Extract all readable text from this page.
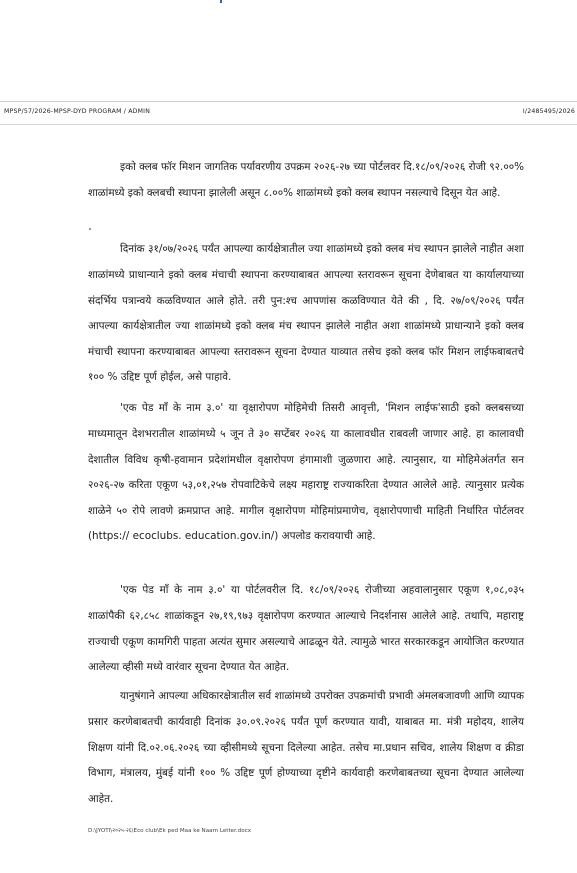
MPSP/57/2026-MPSP-DYD PROGRAM / ADMIN	I/2485495/2026

इको क्लब फॉर मिशन जागतिक पर्यावरणीय उपक्रम २०२६-२७ च्या पोर्टलवर दि.१८/०९/२०२६ रोजी ९२.००% शाळांमध्ये इको क्लबची स्थापना झालेली असून ८.००% शाळांमध्ये इको क्लब स्थापन नसल्याचे दिसून येत आहे.

दिनांक ३१/०७/२०२६ पर्यंत आपल्या कार्यक्षेत्रातील ज्या शाळांमध्ये इको क्लब मंच स्थापन झालेले नाहीत अशा शाळांमध्ये प्राधान्याने इको क्लब मंचाची स्थापना करण्याबाबत आपल्या स्तरावरून सूचना देणेबाबत या कार्यालयाच्या संदर्भिय पत्रान्वये कळविण्यात आले होते. तरी पुन:श्च आपणांस कळविण्यात येते की , दि. २७/०९/२०२६ पर्यंत आपल्या कार्यक्षेत्रातील ज्या शाळांमध्ये इको क्लब मंच स्थापन झालेले नाहीत अशा शाळांमध्ये प्राधान्याने इको क्लब मंचाची स्थापना करण्याबाबत आपल्या स्तरावरून सूचना देण्यात याव्यात तसेच इको क्लब फॉर मिशन लाईफबाबतचे १०० % उद्दिष्ट पूर्ण होईल, असे पाहावे.

'एक पेड माँ के नाम ३.०' या वृक्षारोपण मोहिमेची तिसरी आवृत्ती, 'मिशन लाईफ'साठी इको क्लबसच्या माध्यमातून देशभरातील शाळांमध्ये ५ जून ते ३० सप्टेंबर २०२६ या कालावधीत राबवली जाणार आहे. हा कालावधी देशातील विविध कृषी-हवामान प्रदेशांमधील वृक्षारोपण हंगामाशी जुळणारा आहे. त्यानुसार, या मोहिमेअंतर्गत सन २०२६-२७ करिता एकूण ५३,०१,२५७ रोपवाटिकेचे लक्ष्य महाराष्ट्र राज्याकरिता देण्यात आलेले आहे. त्यानुसार प्रत्येक शाळेने ५० रोपे लावणे क्रमप्राप्त आहे. मागील वृक्षारोपण मोहिमांप्रमाणेच, वृक्षारोपणाची माहिती निर्धारित पोर्टलवर (https:// ecoclubs. education.gov.in/) अपलोड करावयाची आहे.

'एक पेड माँ के नाम ३.०' या पोर्टलवरील दि. १८/०९/२०२६ रोजीच्या अहवालानुसार एकूण १,०८,०३५ शाळांपैकी ६२,८५८ शाळांकडून २७,१९,९७३ वृक्षारोपण करण्यात आल्याचे निदर्शनास आलेले आहे. तथापि, महाराष्ट्र राज्याची एकूण कामगिरी पाहता अत्यंत सुमार असल्याचे आढळून येते. त्यामुळे भारत सरकारकडून आयोजित करण्यात आलेल्या व्हीसी मध्ये वारंवार सूचना देण्यात येत आहेत.

यानुषंगाने आपल्या अधिकारक्षेत्रातील सर्व शाळांमध्ये उपरोक्त उपक्रमांची प्रभावी अंमलबजावणी आणि व्यापक प्रसार करणेबाबतची कार्यवाही दिनांक ३०.०९.२०२६ पर्यंत पूर्ण करण्यात यावी, याबाबत मा. मंत्री महोदय, शालेय शिक्षण यांनी दि.०२.०६.२०२६ च्या व्हीसीमध्ये सूचना दिलेल्या आहेत. तसेच मा.प्रधान सचिव, शालेय शिक्षण व क्रीडा विभाग, मंत्रालय, मुंबई यांनी १०० % उद्दिष्ट पूर्ण होण्याच्या दृष्टीने कार्यवाही करणेबाबतच्या सूचना देण्यात आलेल्या आहेत.

D:\JYOTI\२०२५-२६\Eco club\Ek ped Maa ke Naam Letter.docx
